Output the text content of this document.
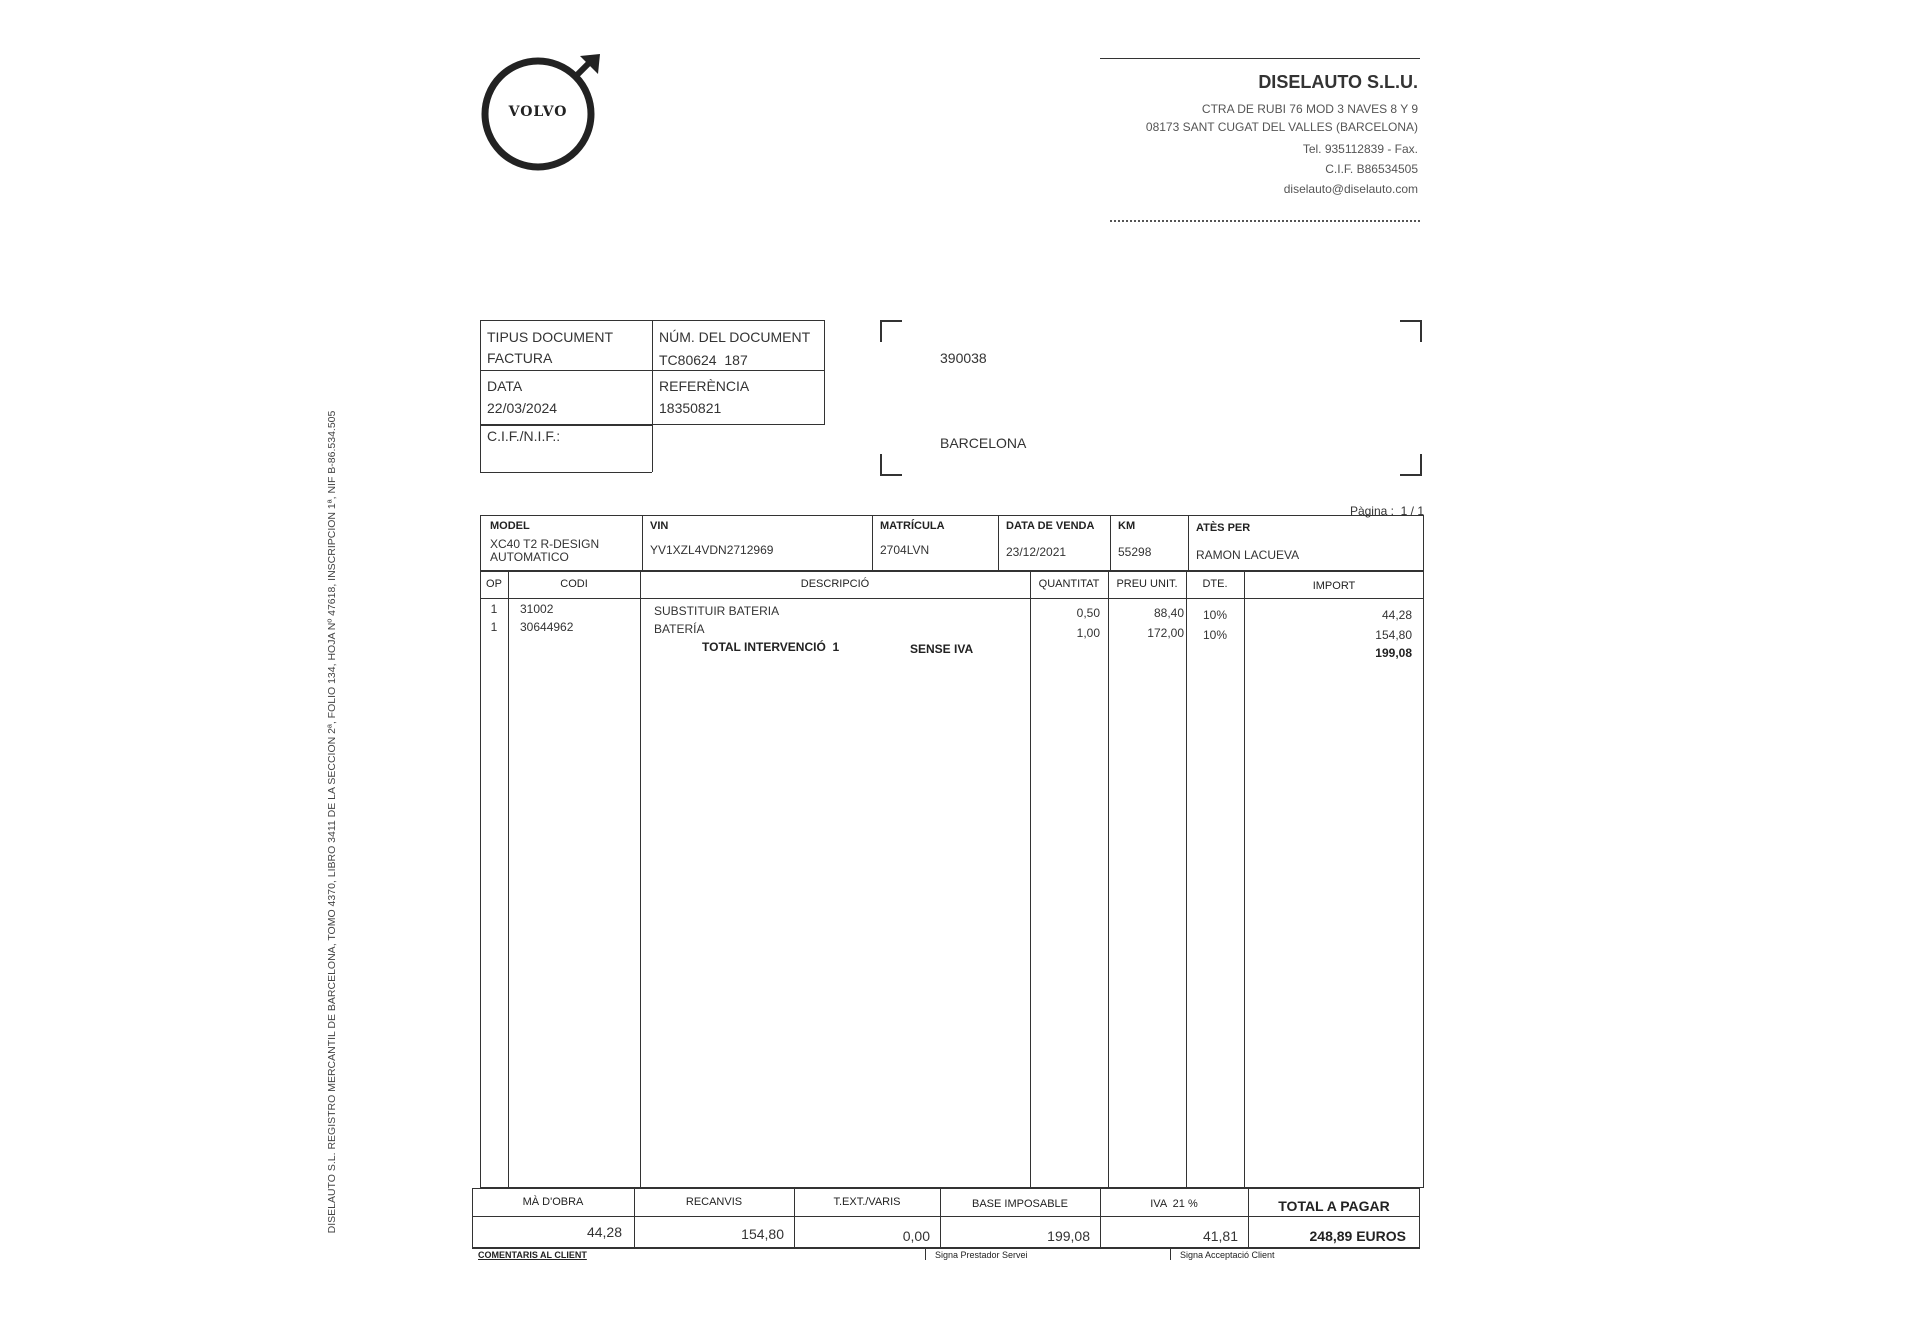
VOLVO
DISELAUTO S.L.U.
CTRA DE RUBI 76 MOD 3 NAVES 8 Y 9
08173 SANT CUGAT DEL VALLES (BARCELONA)
Tel. 935112839 - Fax.
C.I.F. B86534505
diselauto@diselauto.com
TIPUS DOCUMENT
FACTURA
NÚM. DEL DOCUMENT
TC80624  187
DATA
22/03/2024
REFERÈNCIA
18350821
C.I.F./N.I.F.:
390038
BARCELONA
DISELAUTO S.L. REGISTRO MERCANTIL DE BARCELONA, TOMO 4370, LIBRO 3411 DE LA SECCION 2ª, FOLIO 134, HOJA Nº 47618, INSCRIPCION 1ª, NIF B-86.534.505	Pàgina :  1 / 1
MODEL
XC40 T2 R-DESIGN
AUTOMATICO
VIN
YV1XZL4VDN2712969
MATRÍCULA
2704LVN
DATA DE VENDA
23/12/2021
KM
55298
ATÈS PER
RAMON LACUEVA
OP	CODI	DESCRIPCIÓ	QUANTITAT	PREU UNIT.	DTE.	IMPORT
1	31002	SUBSTITUIR BATERIA	0,50	88,40	10%	44,28
1	30644962	BATERÍA	1,00	172,00	10%	154,80
TOTAL INTERVENCIÓ  1	SENSE IVA	199,08
MÀ D'OBRA
44,28
RECANVIS
154,80
T.EXT./VARIS
0,00
BASE IMPOSABLE
199,08
IVA  21 %
41,81
TOTAL A PAGAR
248,89 EUROS
COMENTARIS AL CLIENT	Signa Prestador Servei	Signa Acceptació Client
